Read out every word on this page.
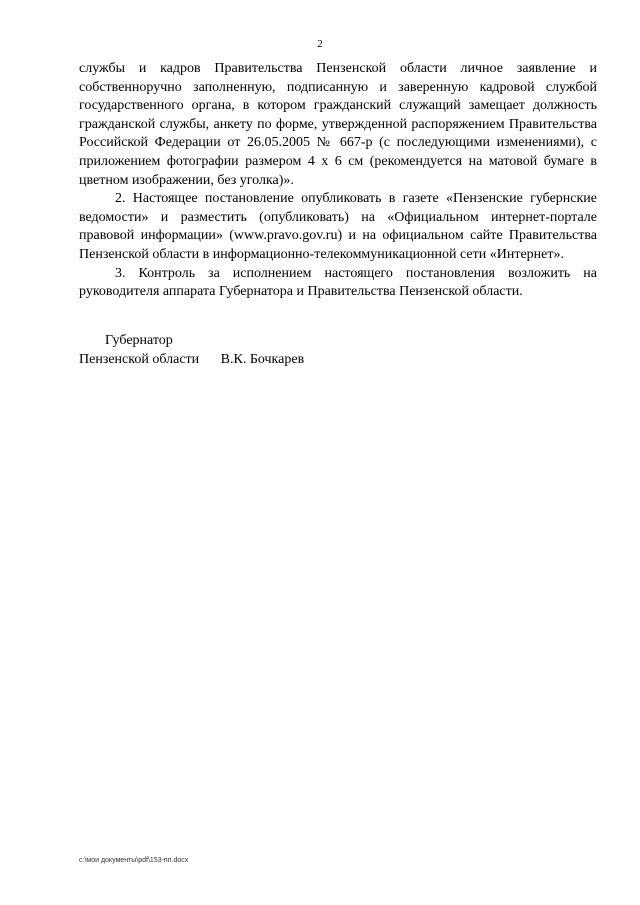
2

службы и кадров Правительства Пензенской области личное заявление и собственноручно заполненную, подписанную и заверенную кадровой службой государственного органа, в котором гражданский служащий замещает должность гражданской службы, анкету по форме, утвержденной распоряжением Правительства Российской Федерации от 26.05.2005 № 667-р (с последующими изменениями), с приложением фотографии размером 4 х 6 см (рекомендуется на матовой бумаге в цветном изображении, без уголка)».

2. Настоящее постановление опубликовать в газете «Пензенские губернские ведомости» и разместить (опубликовать) на «Официальном интернет-портале правовой информации» (www.pravo.gov.ru) и на официальном сайте Правительства Пензенской области в информационно-телекоммуникационной сети «Интернет».

3. Контроль за исполнением настоящего постановления возложить на руководителя аппарата Губернатора и Правительства Пензенской области.

Губернатор
Пензенской области В.К. Бочкарев
c:\мои документы\pdf\153-пп.docx
